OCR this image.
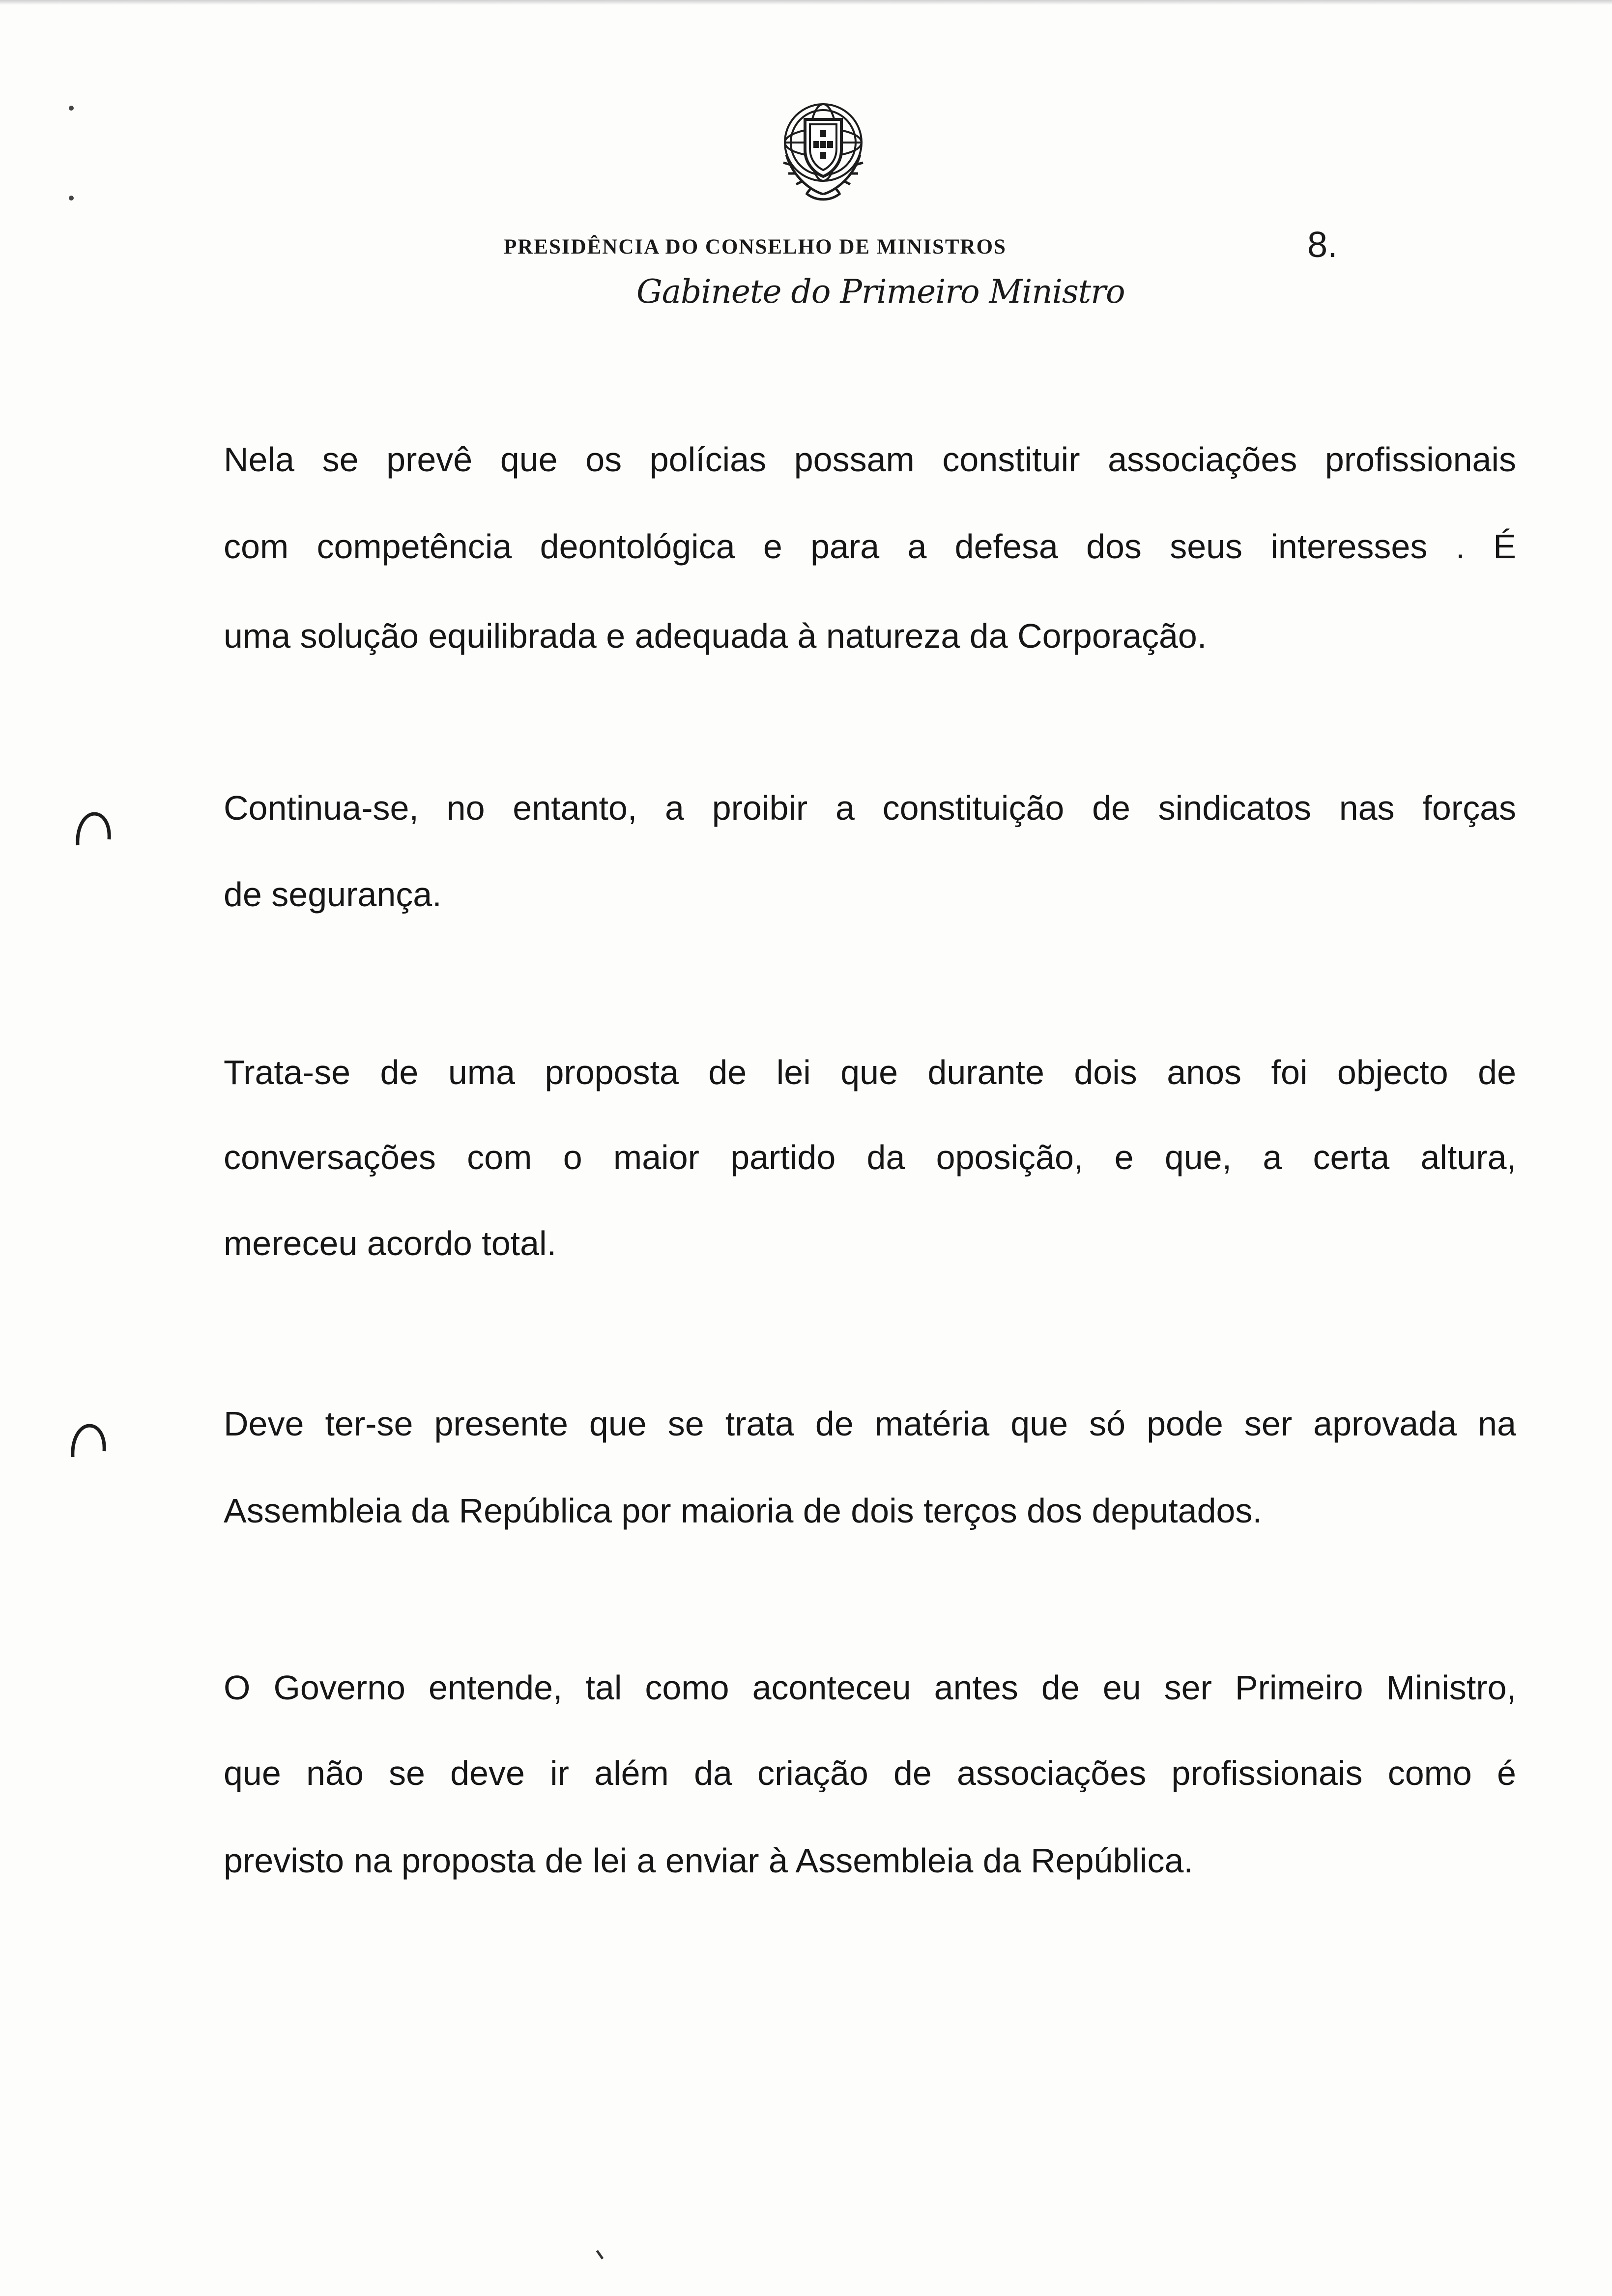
PRESIDÊNCIA DO CONSELHO DE MINISTROS	8.
Gabinete do Primeiro Ministro
Nela se prevê que os polícias possam constituir associações profissionais
com competência deontológica e para a defesa dos seus interesses . É
uma solução equilibrada e adequada à natureza da Corporação.
Continua-se, no entanto, a proibir a constituição de sindicatos nas forças
de segurança.
Trata-se de uma proposta de lei que durante dois anos foi objecto de
conversações com o maior partido da oposição, e que, a certa altura,
mereceu acordo total.
Deve ter-se presente que se trata de matéria que só pode ser aprovada na
Assembleia da República por maioria de dois terços dos deputados.
O Governo entende, tal como aconteceu antes de eu ser Primeiro Ministro,
que não se deve ir além da criação de associações profissionais como é
previsto na proposta de lei a enviar à Assembleia da República.
